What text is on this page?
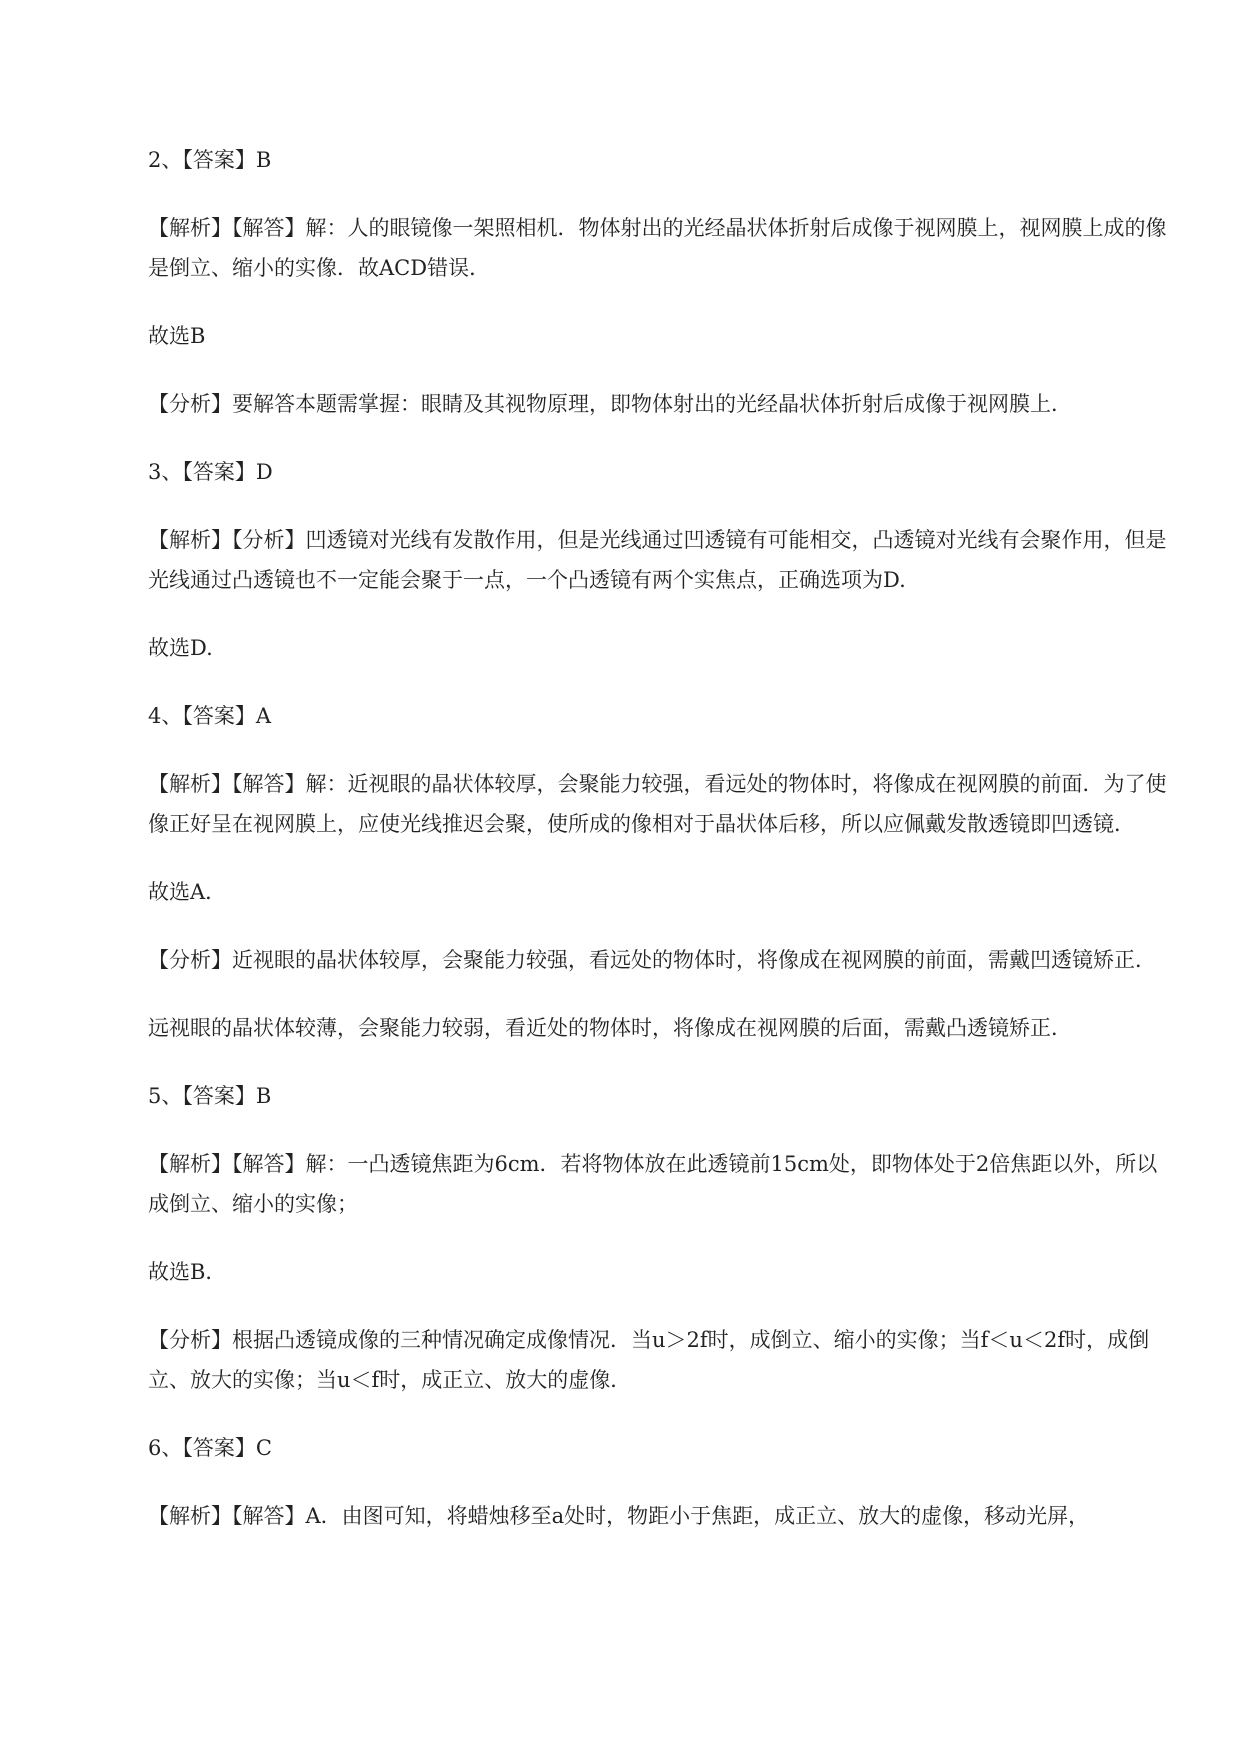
2、【答案】B

【解析】【解答】解：人的眼镜像一架照相机．物体射出的光经晶状体折射后成像于视网膜上，视网膜上成的像是倒立、缩小的实像．故ACD错误．

故选B

【分析】要解答本题需掌握：眼睛及其视物原理，即物体射出的光经晶状体折射后成像于视网膜上．

3、【答案】D

【解析】【分析】凹透镜对光线有发散作用，但是光线通过凹透镜有可能相交，凸透镜对光线有会聚作用，但是光线通过凸透镜也不一定能会聚于一点，一个凸透镜有两个实焦点，正确选项为D.

故选D.

4、【答案】A

【解析】【解答】解：近视眼的晶状体较厚，会聚能力较强，看远处的物体时，将像成在视网膜的前面．为了使像正好呈在视网膜上，应使光线推迟会聚，使所成的像相对于晶状体后移，所以应佩戴发散透镜即凹透镜．

故选A．

【分析】近视眼的晶状体较厚，会聚能力较强，看远处的物体时，将像成在视网膜的前面，需戴凹透镜矫正．

远视眼的晶状体较薄，会聚能力较弱，看近处的物体时，将像成在视网膜的后面，需戴凸透镜矫正．

5、【答案】B

【解析】【解答】解：一凸透镜焦距为6cm．若将物体放在此透镜前15cm处，即物体处于2倍焦距以外，所以成倒立、缩小的实像；

故选B．

【分析】根据凸透镜成像的三种情况确定成像情况．当u＞2f时，成倒立、缩小的实像；当f＜u＜2f时，成倒立、放大的实像；当u＜f时，成正立、放大的虚像．

6、【答案】C

【解析】【解答】A．由图可知，将蜡烛移至a处时，物距小于焦距，成正立、放大的虚像，移动光屏，
